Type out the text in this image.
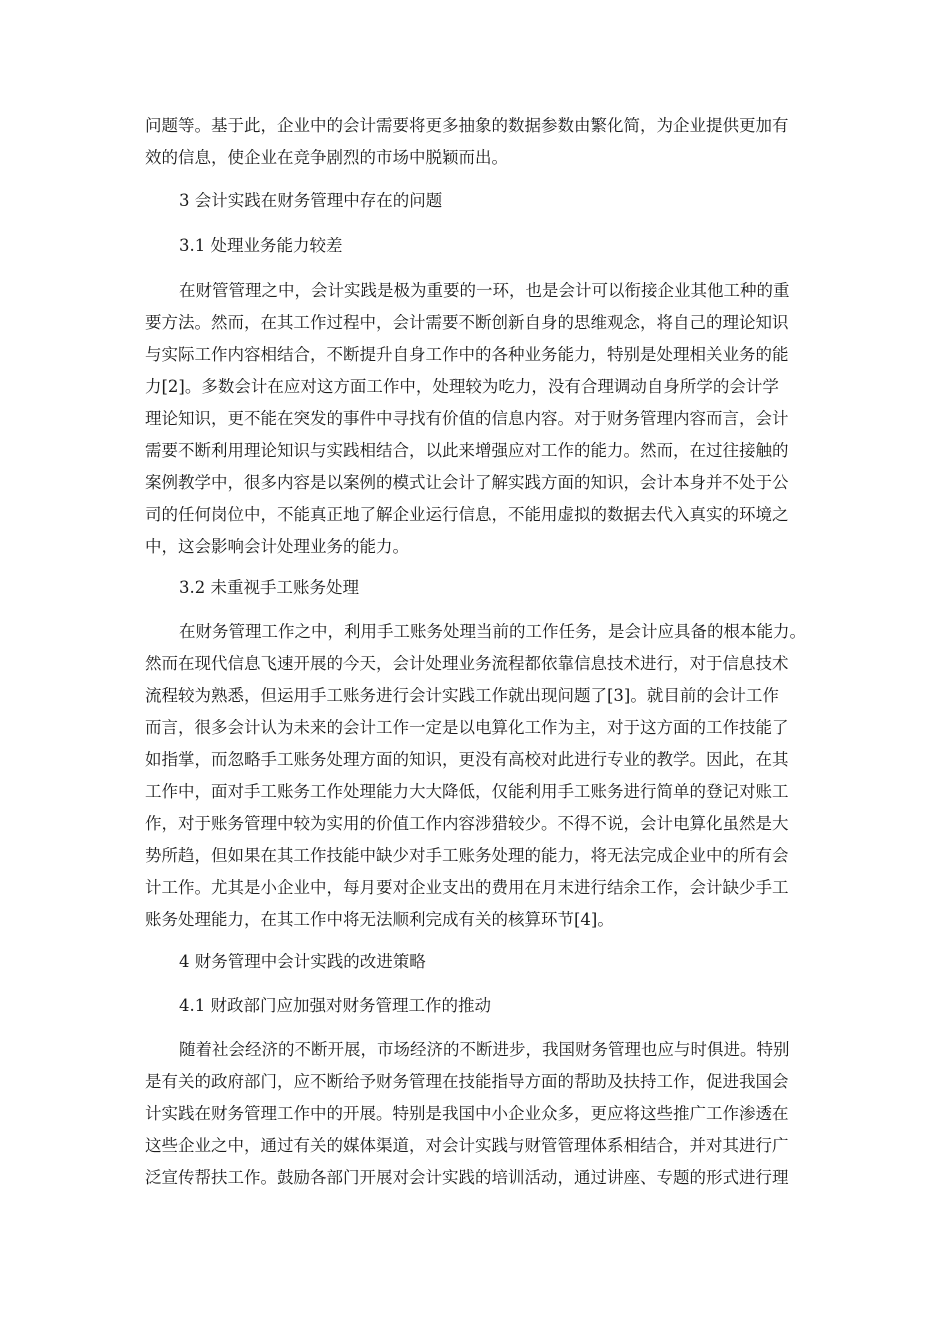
问题等。基于此，企业中的会计需要将更多抽象的数据参数由繁化简，为企业提供更加有
效的信息，使企业在竞争剧烈的市场中脱颖而出。
3 会计实践在财务管理中存在的问题
3.1 处理业务能力较差
在财管管理之中，会计实践是极为重要的一环，也是会计可以衔接企业其他工种的重
要方法。然而，在其工作过程中，会计需要不断创新自身的思维观念，将自己的理论知识
与实际工作内容相结合，不断提升自身工作中的各种业务能力，特别是处理相关业务的能
力[2]。多数会计在应对这方面工作中，处理较为吃力，没有合理调动自身所学的会计学
理论知识，更不能在突发的事件中寻找有价值的信息内容。对于财务管理内容而言，会计
需要不断利用理论知识与实践相结合，以此来增强应对工作的能力。然而，在过往接触的
案例教学中，很多内容是以案例的模式让会计了解实践方面的知识，会计本身并不处于公
司的任何岗位中，不能真正地了解企业运行信息，不能用虚拟的数据去代入真实的环境之
中，这会影响会计处理业务的能力。
3.2 未重视手工账务处理
在财务管理工作之中，利用手工账务处理当前的工作任务，是会计应具备的根本能力。
然而在现代信息飞速开展的今天，会计处理业务流程都依靠信息技术进行，对于信息技术
流程较为熟悉，但运用手工账务进行会计实践工作就出现问题了[3]。就目前的会计工作
而言，很多会计认为未来的会计工作一定是以电算化工作为主，对于这方面的工作技能了
如指掌，而忽略手工账务处理方面的知识，更没有高校对此进行专业的教学。因此，在其
工作中，面对手工账务工作处理能力大大降低，仅能利用手工账务进行简单的登记对账工
作，对于账务管理中较为实用的价值工作内容涉猎较少。不得不说，会计电算化虽然是大
势所趋，但如果在其工作技能中缺少对手工账务处理的能力，将无法完成企业中的所有会
计工作。尤其是小企业中，每月要对企业支出的费用在月末进行结余工作，会计缺少手工
账务处理能力，在其工作中将无法顺利完成有关的核算环节[4]。
4 财务管理中会计实践的改进策略
4.1 财政部门应加强对财务管理工作的推动
随着社会经济的不断开展，市场经济的不断进步，我国财务管理也应与时俱进。特别
是有关的政府部门，应不断给予财务管理在技能指导方面的帮助及扶持工作，促进我国会
计实践在财务管理工作中的开展。特别是我国中小企业众多，更应将这些推广工作渗透在
这些企业之中，通过有关的媒体渠道，对会计实践与财管管理体系相结合，并对其进行广
泛宣传帮扶工作。鼓励各部门开展对会计实践的培训活动，通过讲座、专题的形式进行理
